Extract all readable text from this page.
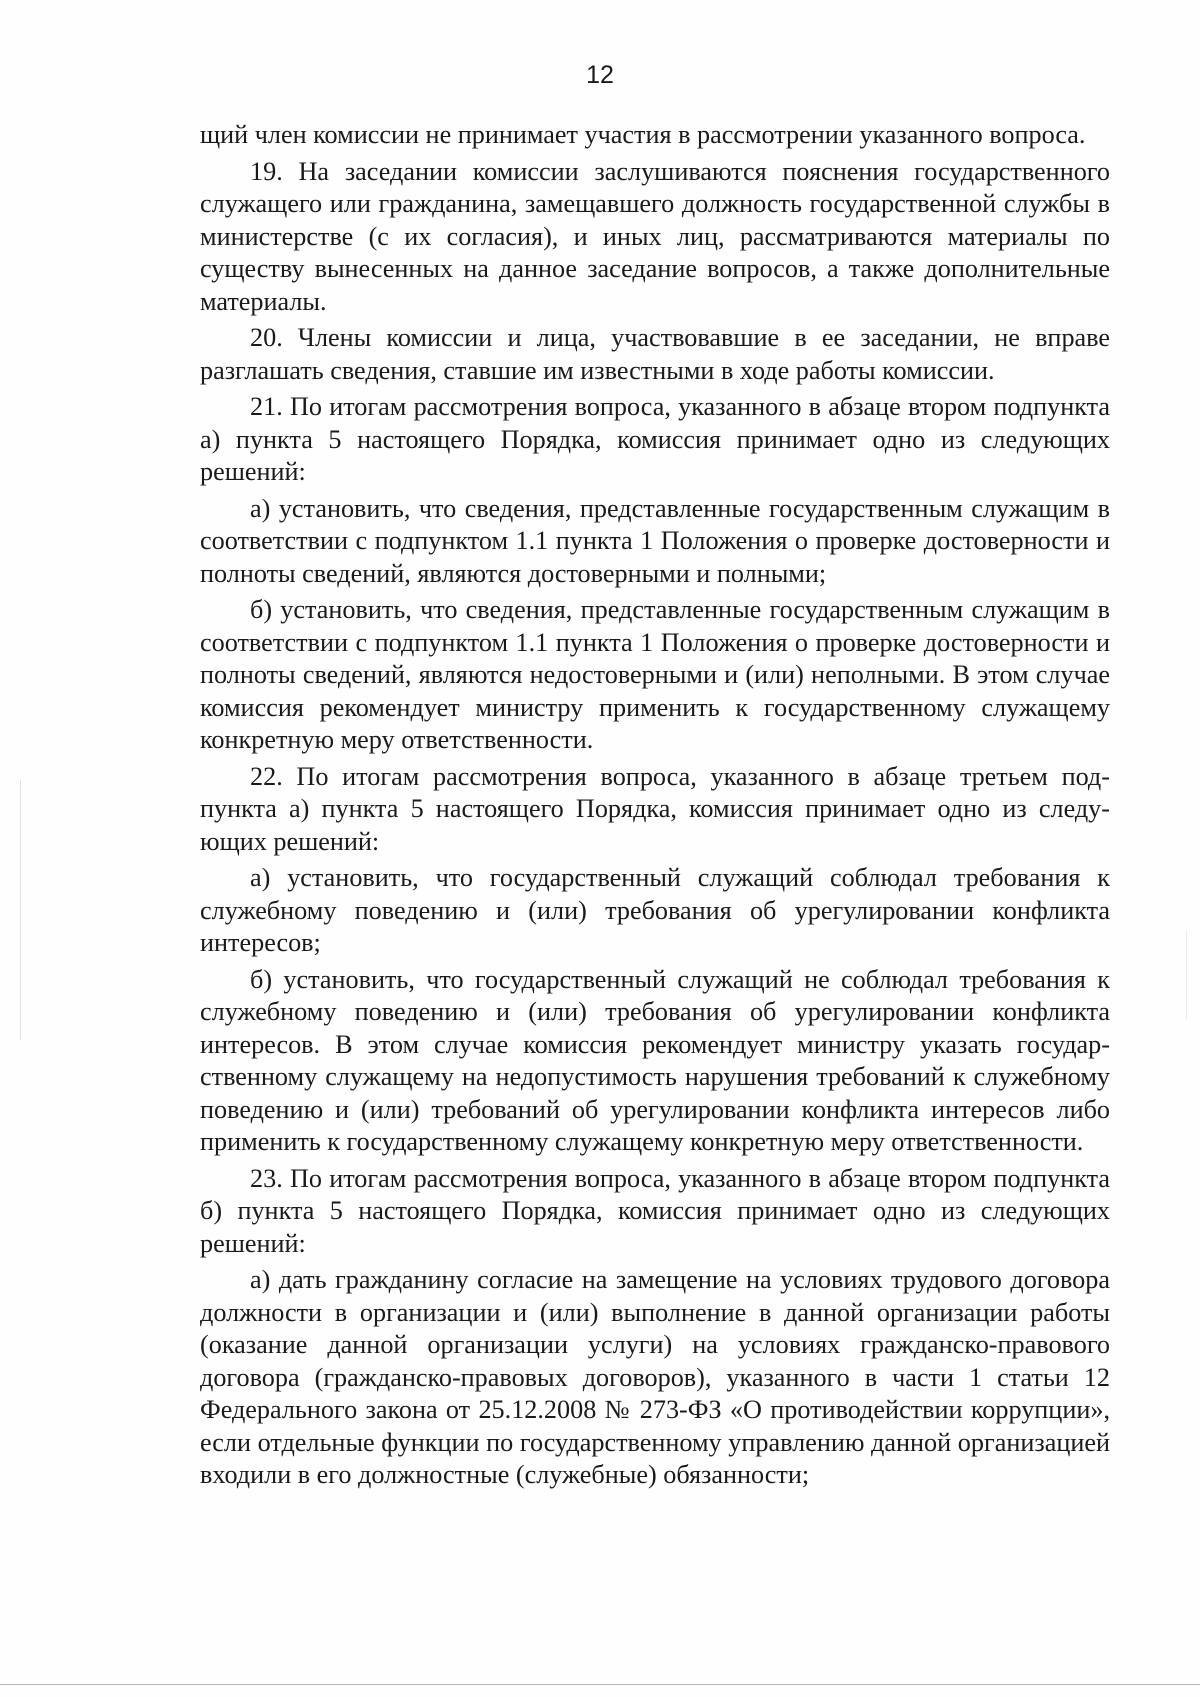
12

щий член комиссии не принимает участия в рассмотрении указанного вопроса.

19. На заседании комиссии заслушиваются пояснения государственного служащего или гражданина, замещавшего должность государственной службы в министерстве (с их согласия), и иных лиц, рассматриваются материалы по существу вынесенных на данное заседание вопросов, а также дополнительные материалы.

20. Члены комиссии и лица, участвовавшие в ее заседании, не вправе разглашать сведения, ставшие им известными в ходе работы комиссии.

21. По итогам рассмотрения вопроса, указанного в абзаце втором подпункта а) пункта 5 настоящего Порядка, комиссия принимает одно из следующих решений:

а) установить, что сведения, представленные государственным служащим в соответствии с подпунктом 1.1 пункта 1 Положения о проверке достоверности и полноты сведений, являются достоверными и полными;

б) установить, что сведения, представленные государственным служащим в соответствии с подпунктом 1.1 пункта 1 Положения о проверке достоверности и полноты сведений, являются недостоверными и (или) неполными. В этом случае комиссия рекомендует министру применить к государственному служащему конкретную меру ответственности.

22. По итогам рассмотрения вопроса, указанного в абзаце третьем подпункта а) пункта 5 настоящего Порядка, комиссия принимает одно из следующих решений:

а) установить, что государственный служащий соблюдал требования к служебному поведению и (или) требования об урегулировании конфликта интересов;

б) установить, что государственный служащий не соблюдал требования к служебному поведению и (или) требования об урегулировании конфликта интересов. В этом случае комиссия рекомендует министру указать государственному служащему на недопустимость нарушения требований к служебному поведению и (или) требований об урегулировании конфликта интересов либо применить к государственному служащему конкретную меру ответственности.

23. По итогам рассмотрения вопроса, указанного в абзаце втором подпункта б) пункта 5 настоящего Порядка, комиссия принимает одно из следующих решений:

а) дать гражданину согласие на замещение на условиях трудового договора должности в организации и (или) выполнение в данной организации работы (оказание данной организации услуги) на условиях гражданско-правового договора (гражданско-правовых договоров), указанного в части 1 статьи 12 Федерального закона от 25.12.2008 № 273-ФЗ «О противодействии коррупции», если отдельные функции по государственному управлению данной организацией входили в его должностные (служебные) обязанности;
